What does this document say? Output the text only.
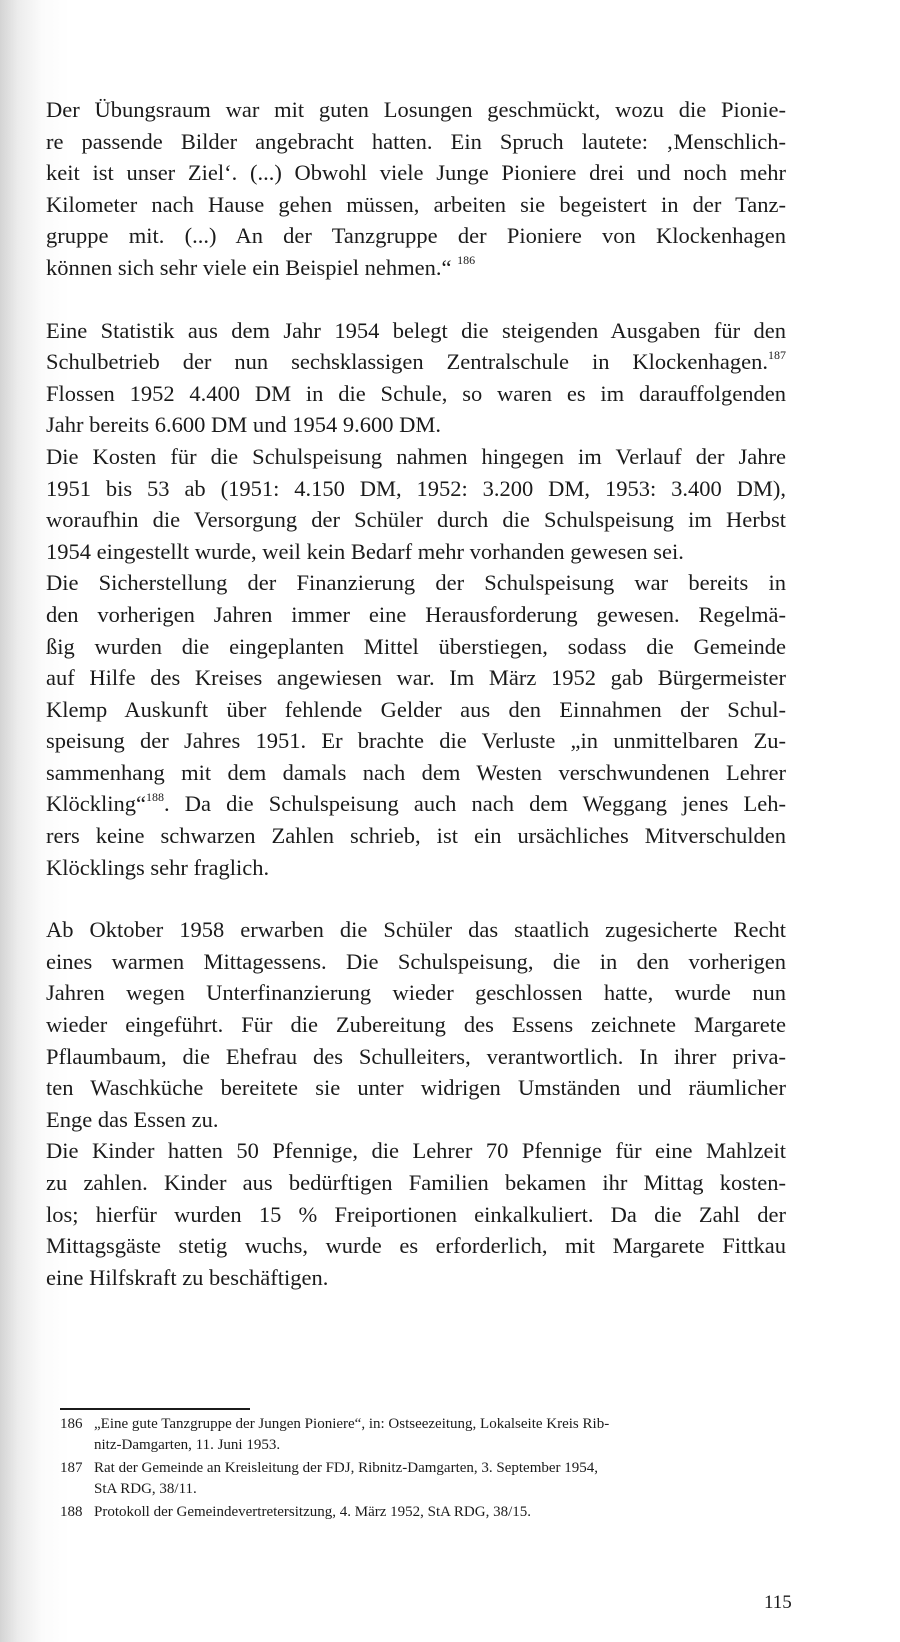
Der Übungsraum war mit guten Losungen geschmückt, wozu die Pionie-
re passende Bilder angebracht hatten. Ein Spruch lautete: ‚Menschlich-
keit ist unser Ziel‘. (...) Obwohl viele Junge Pioniere drei und noch mehr
Kilometer nach Hause gehen müssen, arbeiten sie begeistert in der Tanz-
gruppe mit. (...) An der Tanzgruppe der Pioniere von Klockenhagen
können sich sehr viele ein Beispiel nehmen.“ $^{186}$

Eine Statistik aus dem Jahr 1954 belegt die steigenden Ausgaben für den
Schulbetrieb der nun sechsklassigen Zentralschule in Klockenhagen.$^{187}$
Flossen 1952 4.400 DM in die Schule, so waren es im darauffolgenden
Jahr bereits 6.600 DM und 1954 9.600 DM.

Die Kosten für die Schulspeisung nahmen hingegen im Verlauf der Jahre
1951 bis 53 ab (1951: 4.150 DM, 1952: 3.200 DM, 1953: 3.400 DM),
woraufhin die Versorgung der Schüler durch die Schulspeisung im Herbst
1954 eingestellt wurde, weil kein Bedarf mehr vorhanden gewesen sei.

Die Sicherstellung der Finanzierung der Schulspeisung war bereits in
den vorherigen Jahren immer eine Herausforderung gewesen. Regelmä-
ßig wurden die eingeplanten Mittel überstiegen, sodass die Gemeinde
auf Hilfe des Kreises angewiesen war. Im März 1952 gab Bürgermeister
Klemp Auskunft über fehlende Gelder aus den Einnahmen der Schul-
speisung der Jahres 1951. Er brachte die Verluste „in unmittelbaren Zu-
sammenhang mit dem damals nach dem Westen verschwundenen Lehrer
Klöckling“$^{188}$. Da die Schulspeisung auch nach dem Weggang jenes Leh-
rers keine schwarzen Zahlen schrieb, ist ein ursächliches Mitverschulden
Klöcklings sehr fraglich.

Ab Oktober 1958 erwarben die Schüler das staatlich zugesicherte Recht
eines warmen Mittagessens. Die Schulspeisung, die in den vorherigen
Jahren wegen Unterfinanzierung wieder geschlossen hatte, wurde nun
wieder eingeführt. Für die Zubereitung des Essens zeichnete Margarete
Pflaumbaum, die Ehefrau des Schulleiters, verantwortlich. In ihrer priva-
ten Waschküche bereitete sie unter widrigen Umständen und räumlicher
Enge das Essen zu.

Die Kinder hatten 50 Pfennige, die Lehrer 70 Pfennige für eine Mahlzeit
zu zahlen. Kinder aus bedürftigen Familien bekamen ihr Mittag kosten-
los; hierfür wurden 15 % Freiportionen einkalkuliert. Da die Zahl der
Mittagsgäste stetig wuchs, wurde es erforderlich, mit Margarete Fittkau
eine Hilfskraft zu beschäftigen.

186 „Eine gute Tanzgruppe der Jungen Pioniere“, in: Ostseezeitung, Lokalseite Kreis Rib-
nitz-Damgarten, 11. Juni 1953.
187 Rat der Gemeinde an Kreisleitung der FDJ, Ribnitz-Damgarten, 3. September 1954,
StA RDG, 38/11.
188 Protokoll der Gemeindevertretersitzung, 4. März 1952, StA RDG, 38/15.
115
